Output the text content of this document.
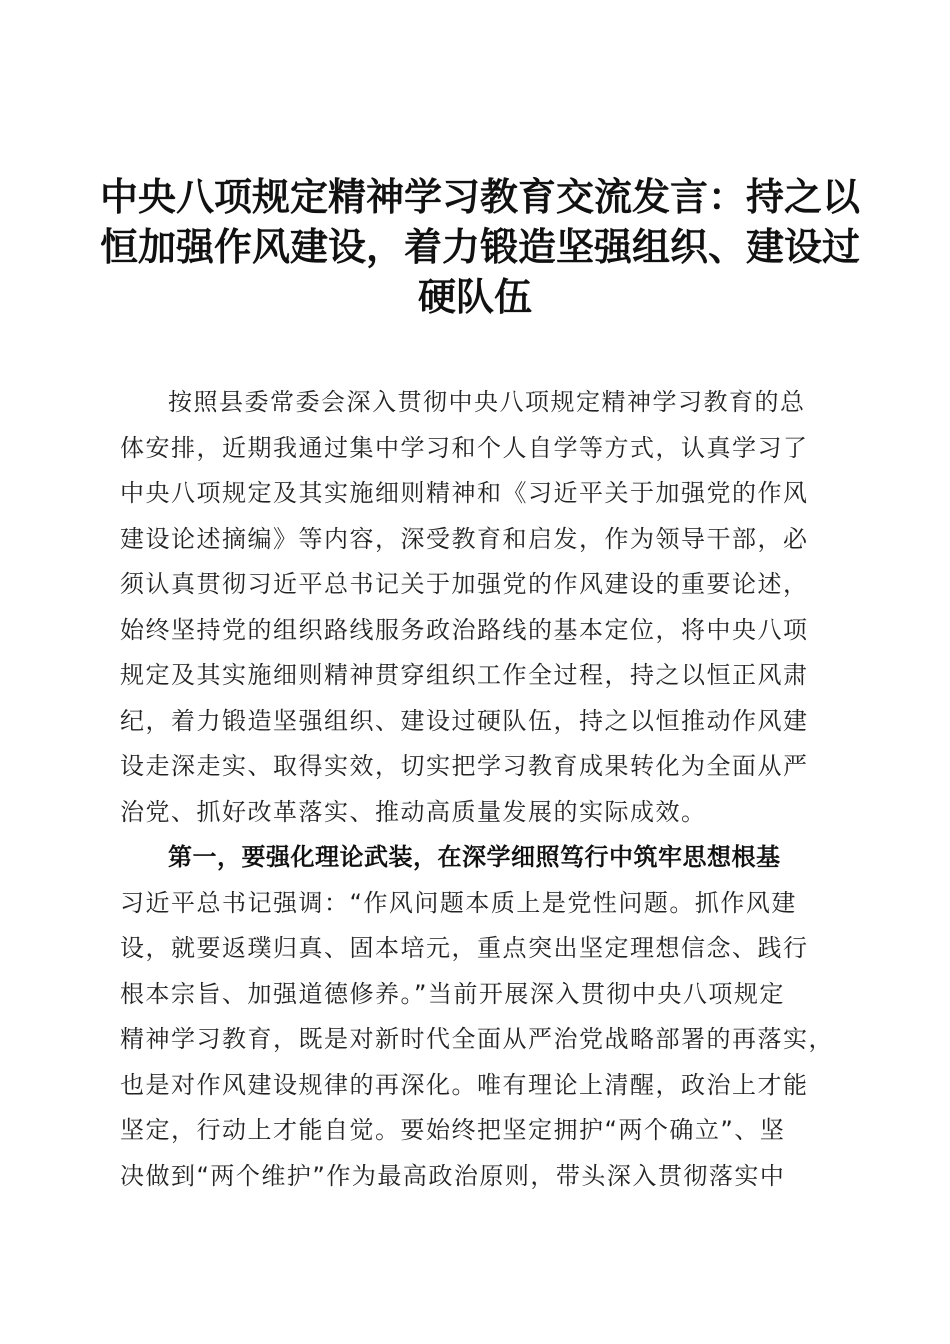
中央八项规定精神学习教育交流发言：持之以
恒加强作风建设，着力锻造坚强组织、建设过
硬队伍
按照县委常委会深入贯彻中央八项规定精神学习教育的总
体安排，近期我通过集中学习和个人自学等方式，认真学习了
中央八项规定及其实施细则精神和《习近平关于加强党的作风
建设论述摘编》等内容，深受教育和启发，作为领导干部，必
须认真贯彻习近平总书记关于加强党的作风建设的重要论述，
始终坚持党的组织路线服务政治路线的基本定位，将中央八项
规定及其实施细则精神贯穿组织工作全过程，持之以恒正风肃
纪，着力锻造坚强组织、建设过硬队伍，持之以恒推动作风建
设走深走实、取得实效，切实把学习教育成果转化为全面从严
治党、抓好改革落实、推动高质量发展的实际成效。
第一，要强化理论武装，在深学细照笃行中筑牢思想根基
习近平总书记强调：“作风问题本质上是党性问题。抓作风建
设，就要返璞归真、固本培元，重点突出坚定理想信念、践行
根本宗旨、加强道德修养。”当前开展深入贯彻中央八项规定
精神学习教育，既是对新时代全面从严治党战略部署的再落实，
也是对作风建设规律的再深化。唯有理论上清醒，政治上才能
坚定，行动上才能自觉。要始终把坚定拥护“两个确立”、坚
决做到“两个维护”作为最高政治原则，带头深入贯彻落实中
